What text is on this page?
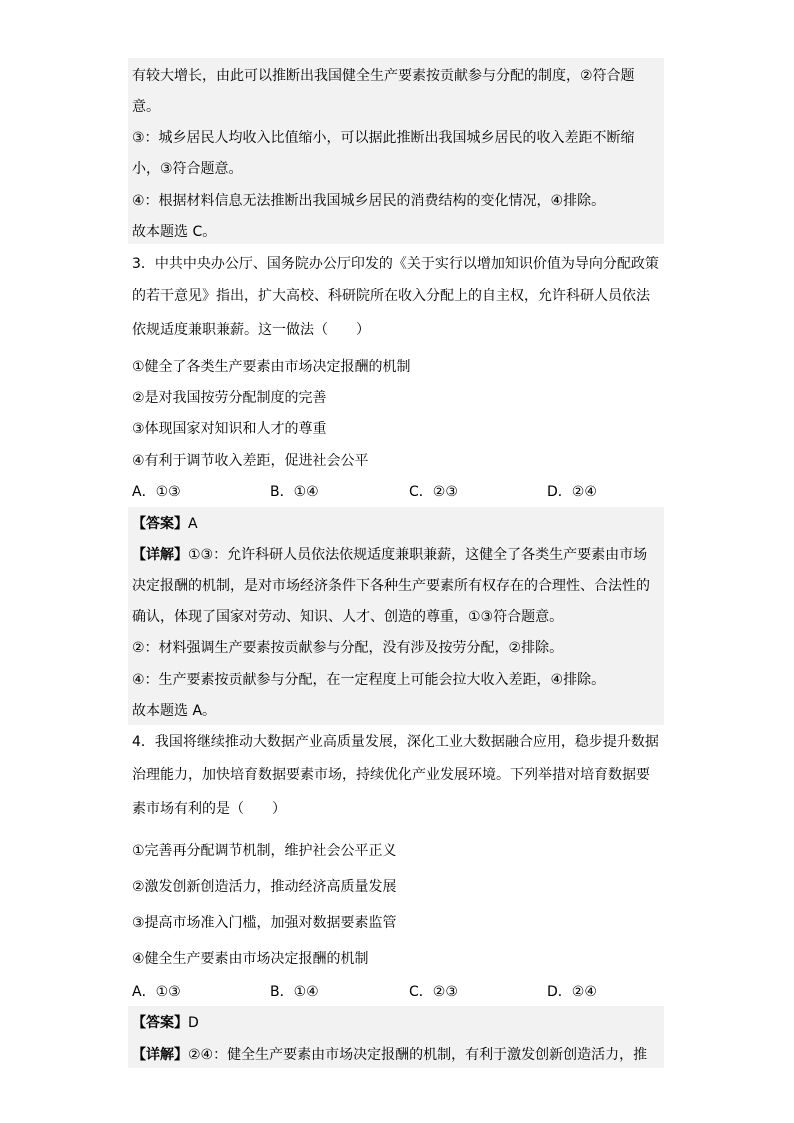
有较大增长，由此可以推断出我国健全生产要素按贡献参与分配的制度，②符合题
意。
③：城乡居民人均收入比值缩小，可以据此推断出我国城乡居民的收入差距不断缩
小，③符合题意。
④：根据材料信息无法推断出我国城乡居民的消费结构的变化情况，④排除。
故本题选 C。
3．中共中央办公厅、国务院办公厅印发的《关于实行以增加知识价值为导向分配政策
的若干意见》指出，扩大高校、科研院所在收入分配上的自主权，允许科研人员依法
依规适度兼职兼薪。这一做法（　　）
①健全了各类生产要素由市场决定报酬的机制
②是对我国按劳分配制度的完善
③体现国家对知识和人才的尊重
④有利于调节收入差距，促进社会公平
A．①③	B．①④	C．②③	D．②④
【答案】A
【详解】①③：允许科研人员依法依规适度兼职兼薪，这健全了各类生产要素由市场
决定报酬的机制，是对市场经济条件下各种生产要素所有权存在的合理性、合法性的
确认，体现了国家对劳动、知识、人才、创造的尊重，①③符合题意。
②：材料强调生产要素按贡献参与分配，没有涉及按劳分配，②排除。
④：生产要素按贡献参与分配，在一定程度上可能会拉大收入差距，④排除。
故本题选 A。
4．我国将继续推动大数据产业高质量发展，深化工业大数据融合应用，稳步提升数据
治理能力，加快培育数据要素市场，持续优化产业发展环境。下列举措对培育数据要
素市场有利的是（　　）
①完善再分配调节机制，维护社会公平正义
②激发创新创造活力，推动经济高质量发展
③提高市场准入门槛，加强对数据要素监管
④健全生产要素由市场决定报酬的机制
A．①③	B．①④	C．②③	D．②④
【答案】D
【详解】②④：健全生产要素由市场决定报酬的机制，有利于激发创新创造活力，推
